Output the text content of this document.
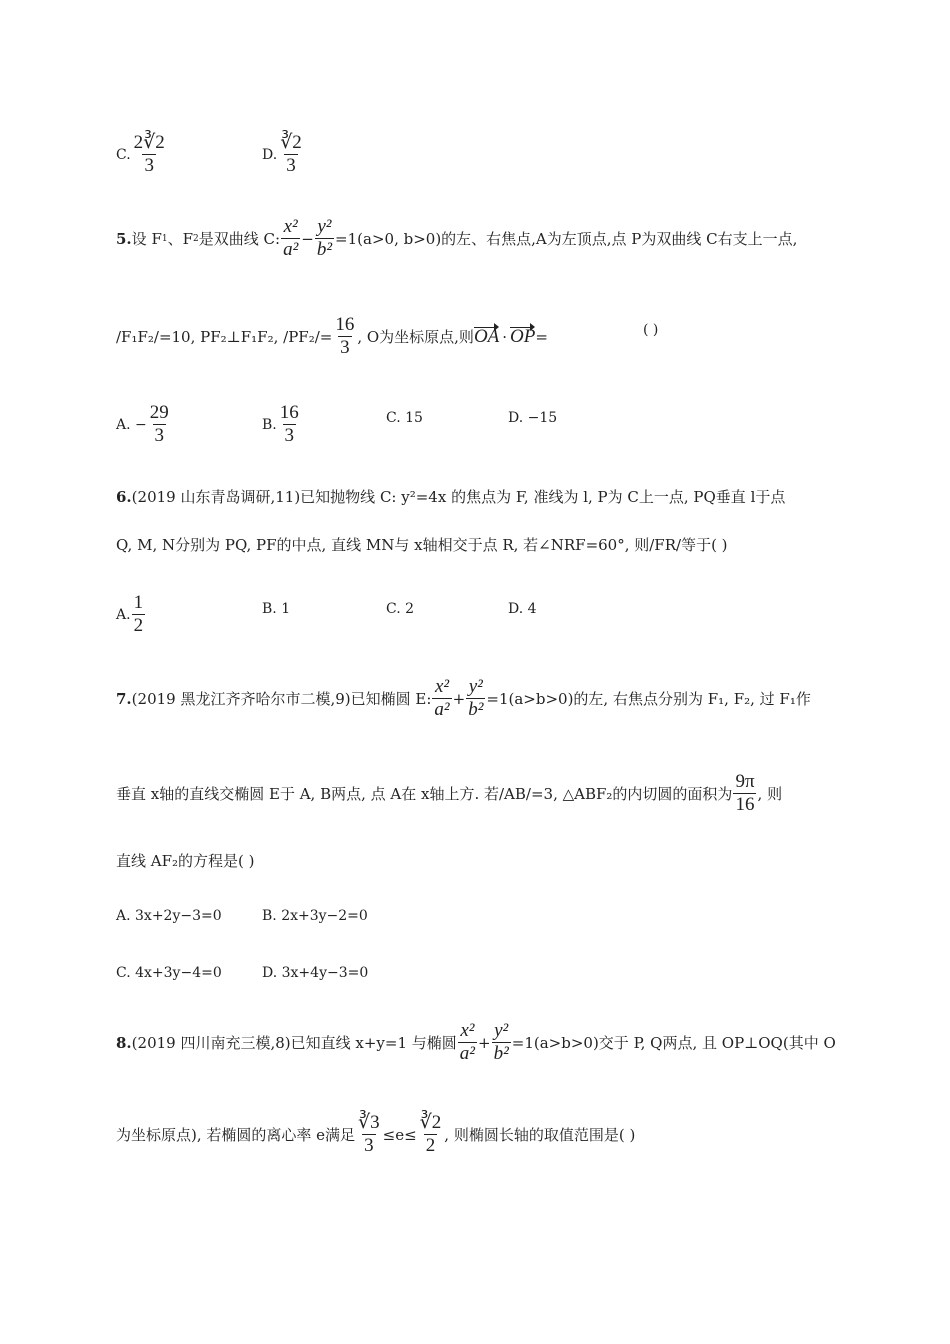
C. $\frac{2∛2}{3}$	D. $\frac{∛2}{3}$
5. 设 F 1 、F 2 是双曲线 C: $\frac{\text{x²}}{\text{a²}} - \frac{\text{y²}}{\text{b²}} =1(a>0$, b>0)的左、右焦点,A为左顶点,点 P为双曲线 C右支上一点,
/F₁F₂/=10, PF₂⊥F₁F₂, $/PF_2/= \frac{16}{3}$ , O为坐标原点,则 OA · OP =	( )
A. − $\frac{29}{3}$	B. $\frac{16}{3}$	C. 15	D. −15
6. (2019 山东青岛调研,11)已知抛物线 C: y²=4x 的焦点为 F, 准线为 l, P为 C上一点, PQ垂直 l于点
Q, M, N分别为 PQ, PF的中点, 直线 MN与 x轴相交于点 R, 若∠NRF=60°, 则/FR/等于( )
A. $\frac{1}{2}$	B. 1	C. 2	D. 4
7. (2019 黑龙江齐齐哈尔市二模,9)已知椭圆 E: $\frac{\text{x²}}{\text{a²}} + \frac{\text{y²}}{\text{b²}} =1(a>b>0)$的左, 右焦点分别为 F₁, F₂, 过 F₁作
垂直 x轴的直线交椭圆 E于 A, B两点, 点 A在 x轴上方. 若/AB/=3, △ABF₂的内切圆的面积为 $\frac{9\pi}{16}$ , 则
直线 AF₂的方程是( )
A. 3x+2y−3=0	B. 2x+3y−2=0
C. 4x+3y−4=0	D. 3x+4y−3=0
8. (2019 四川南充三模,8)已知直线 x+y=1 与椭圆 $\frac{\text{x²}}{\text{a²}} + \frac{\text{y²}}{\text{b²}} =1(a>b>0)$交于 P, Q两点, 且 OP⊥OQ(其中 O
为坐标原点), 若椭圆的离心率 e满足 $\frac{∛3}{3} \le e\le \frac{∛2}{2}$ , 则椭圆长轴的取值范围是( )
